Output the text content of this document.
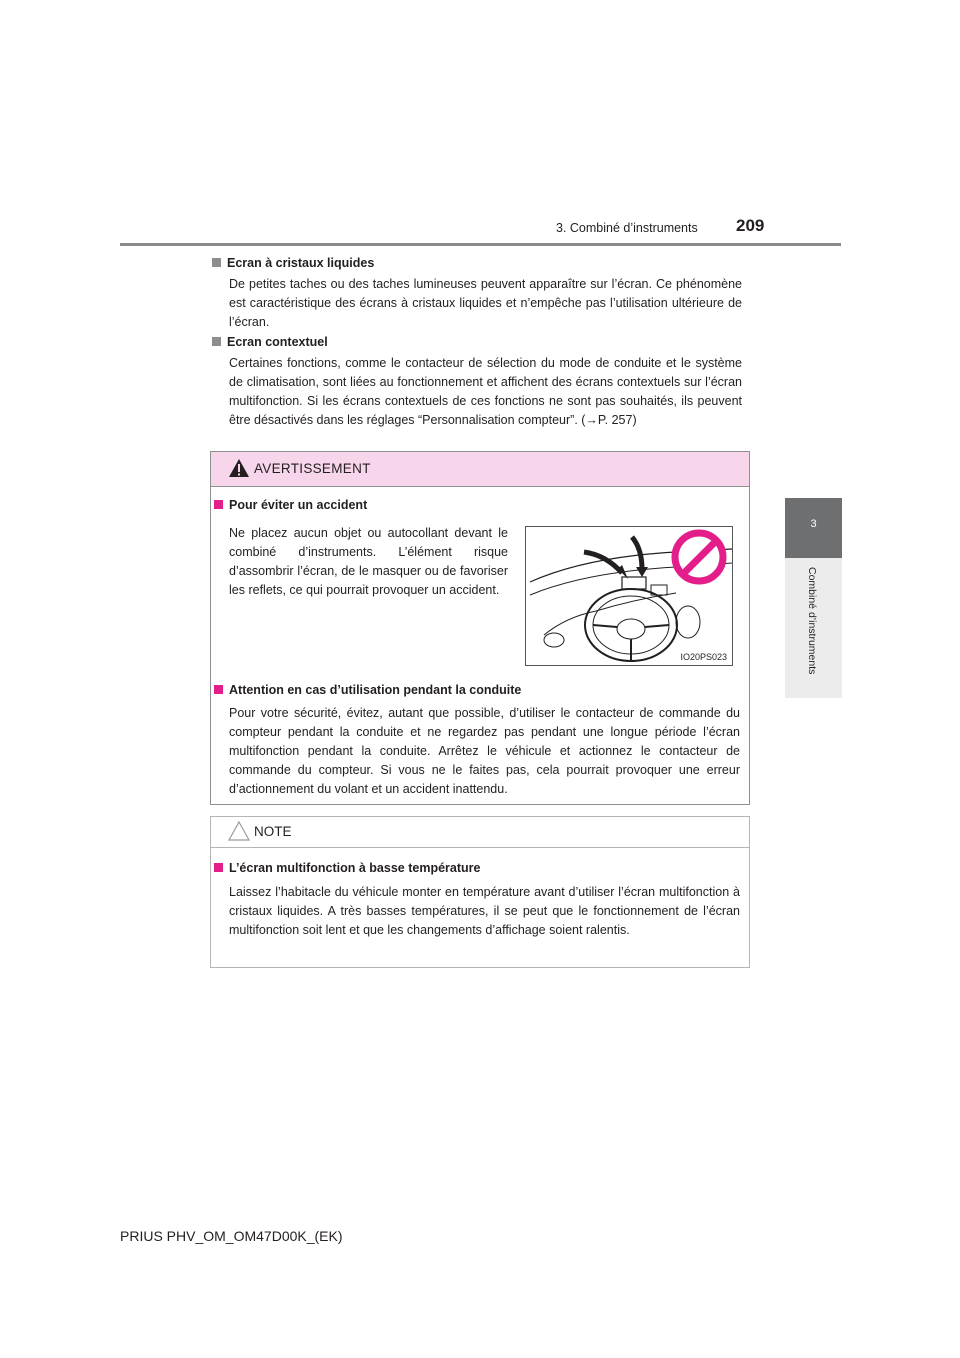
3. Combiné d’instruments 209
3
Combiné d’instruments

Ecran à cristaux liquides

De petites taches ou des taches lumineuses peuvent apparaître sur l’écran. Ce phénomène est caractéristique des écrans à cristaux liquides et n’empêche pas l’utilisation ultérieure de l’écran.

Ecran contextuel

Certaines fonctions, comme le contacteur de sélection du mode de conduite et le système de climatisation, sont liées au fonctionnement et affichent des écrans contextuels sur l’écran multifonction. Si les écrans contextuels de ces fonctions ne sont pas souhaités, ils peuvent être désactivés dans les réglages “Personnalisation compteur”. (→P. 257)
AVERTISSEMENT
Pour éviter un accident
Ne placez aucun objet ou autocollant devant le combiné d’instruments. L’élément risque d’assombrir l’écran, de le masquer ou de favoriser les reflets, ce qui pourrait provoquer un accident.
IO20PS023
Attention en cas d’utilisation pendant la conduite
Pour votre sécurité, évitez, autant que possible, d’utiliser le contacteur de commande du compteur pendant la conduite et ne regardez pas pendant une longue période l’écran multifonction pendant la conduite. Arrêtez le véhicule et actionnez le contacteur de commande du compteur. Si vous ne le faites pas, cela pourrait provoquer une erreur d’actionnement du volant et un accident inattendu.
NOTE
L’écran multifonction à basse température
Laissez l’habitacle du véhicule monter en température avant d’utiliser l’écran multifonction à cristaux liquides. A très basses températures, il se peut que le fonctionnement de l’écran multifonction soit lent et que les changements d’affichage soient ralentis.
PRIUS PHV_OM_OM47D00K_(EK)
